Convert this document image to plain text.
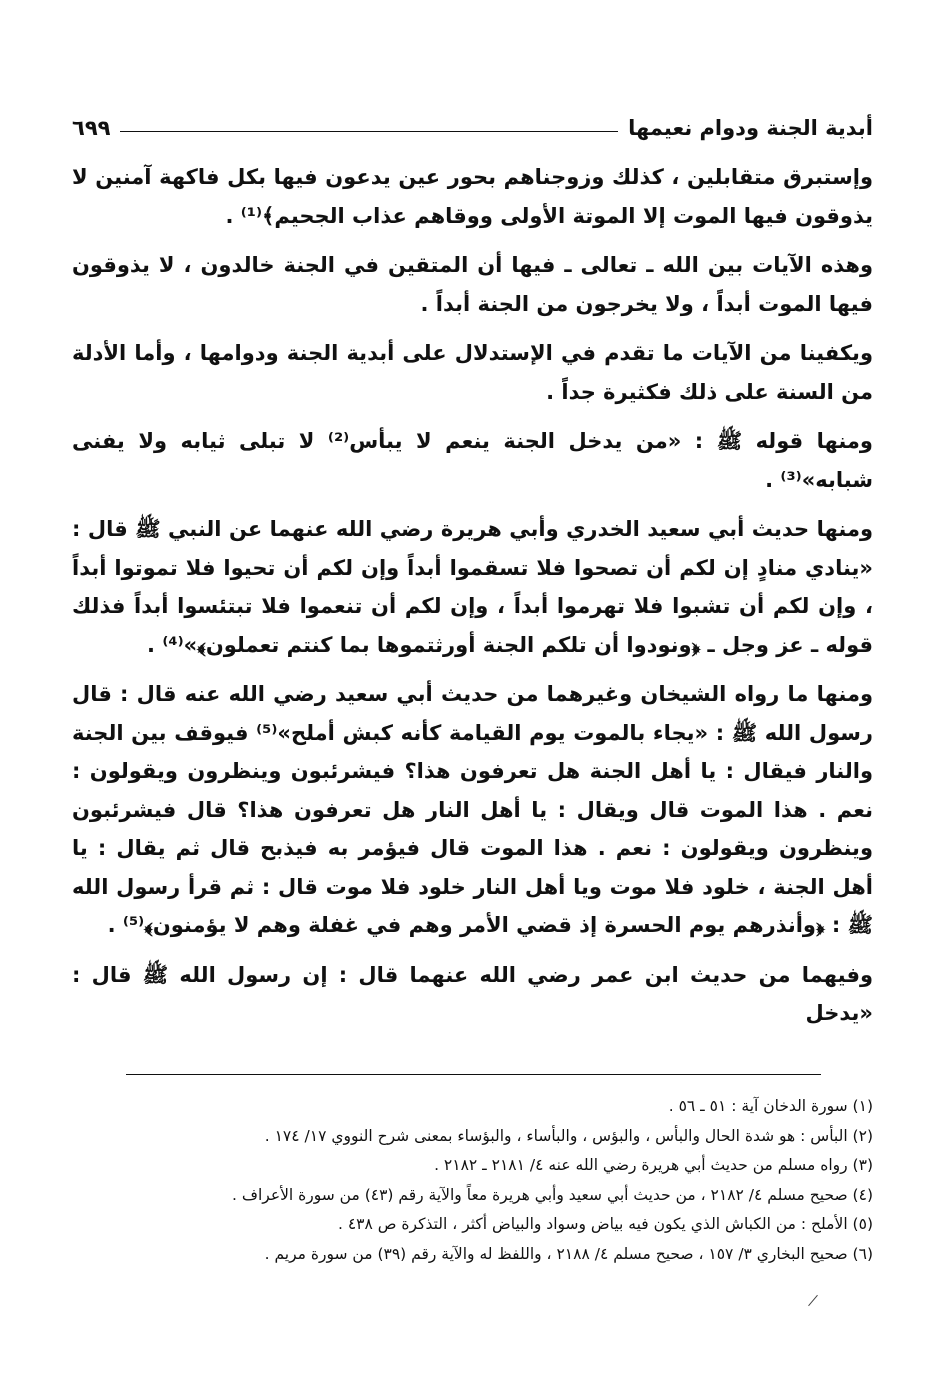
أبدية الجنة ودوام نعيمها
٦٩٩

وإستبرق متقابلين ، كذلك وزوجناهم بحور عين يدعون فيها بكل فاكهة آمنين لا يذوقون فيها الموت إلا الموتة الأولى ووقاهم عذاب الجحيم﴾⁽¹⁾ .

وهذه الآيات بين الله ـ تعالى ـ فيها أن المتقين في الجنة خالدون ، لا يذوقون فيها الموت أبداً ، ولا يخرجون من الجنة أبداً .

ويكفينا من الآيات ما تقدم في الإستدلال على أبدية الجنة ودوامها ، وأما الأدلة من السنة على ذلك فكثيرة جداً .

ومنها قوله ﷺ : «من يدخل الجنة ينعم لا يبأس⁽²⁾ لا تبلى ثيابه ولا يفنى شبابه»⁽³⁾ .

ومنها حديث أبي سعيد الخدري وأبي هريرة رضي الله عنهما عن النبي ﷺ قال : «ينادي منادٍ إن لكم أن تصحوا فلا تسقموا أبداً وإن لكم أن تحيوا فلا تموتوا أبداً ، وإن لكم أن تشبوا فلا تهرموا أبداً ، وإن لكم أن تنعموا فلا تبتئسوا أبداً فذلك قوله ـ عز وجل ـ ﴿ونودوا أن تلكم الجنة أورثتموها بما كنتم تعملون﴾»⁽⁴⁾ .

ومنها ما رواه الشيخان وغيرهما من حديث أبي سعيد رضي الله عنه قال : قال رسول الله ﷺ : «يجاء بالموت يوم القيامة كأنه كبش أملح»⁽⁵⁾ فيوقف بين الجنة والنار فيقال : يا أهل الجنة هل تعرفون هذا؟ فيشرئبون وينظرون ويقولون : نعم . هذا الموت قال ويقال : يا أهل النار هل تعرفون هذا؟ قال فيشرئبون وينظرون ويقولون : نعم . هذا الموت قال فيؤمر به فيذبح قال ثم يقال : يا أهل الجنة ، خلود فلا موت ويا أهل النار خلود فلا موت قال : ثم قرأ رسول الله ﷺ : ﴿وأنذرهم يوم الحسرة إذ قضي الأمر وهم في غفلة وهم لا يؤمنون﴾⁽⁵⁾ .

وفيهما من حديث ابن عمر رضي الله عنهما قال : إن رسول الله ﷺ قال : «يدخل

(١) سورة الدخان آية : ٥١ ـ ٥٦ .

(٢) البأس : هو شدة الحال والبأس ، والبؤس ، والبأساء ، والبؤساء بمعنى شرح النووي ١٧/ ١٧٤ .

(٣) رواه مسلم من حديث أبي هريرة رضي الله عنه ٤/ ٢١٨١ ـ ٢١٨٢ .

(٤) صحيح مسلم ٤/ ٢١٨٢ ، من حديث أبي سعيد وأبي هريرة معاً والآية رقم (٤٣) من سورة الأعراف .

(٥) الأملح : من الكباش الذي يكون فيه بياض وسواد والبياض أكثر ، التذكرة ص ٤٣٨ .

(٦) صحيح البخاري ٣/ ١٥٧ ، صحيح مسلم ٤/ ٢١٨٨ ، واللفظ له والآية رقم (٣٩) من سورة مريم .
